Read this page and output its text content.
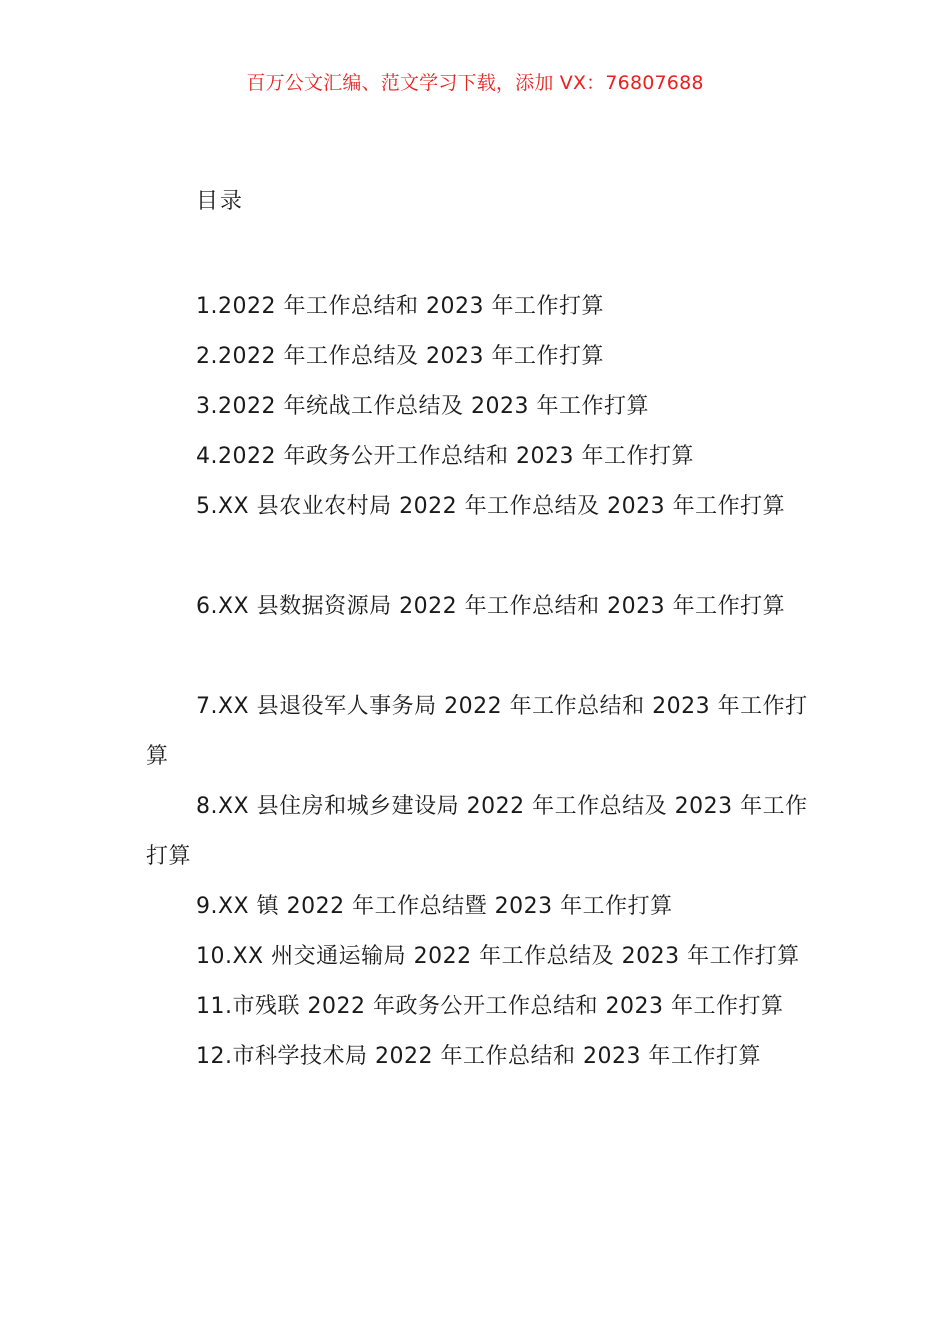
百万公文汇编、范文学习下载，添加 VX：76807688
目录
1.2022 年工作总结和 2023 年工作打算
2.2022 年工作总结及 2023 年工作打算
3.2022 年统战工作总结及 2023 年工作打算
4.2022 年政务公开工作总结和 2023 年工作打算
5.XX 县农业农村局 2022 年工作总结及 2023 年工作打算
6.XX 县数据资源局 2022 年工作总结和 2023 年工作打算
7.XX 县退役军人事务局 2022 年工作总结和 2023 年工作打算
8.XX 县住房和城乡建设局 2022 年工作总结及 2023 年工作打算
9.XX 镇 2022 年工作总结暨 2023 年工作打算
10.XX 州交通运输局 2022 年工作总结及 2023 年工作打算
11.市残联 2022 年政务公开工作总结和 2023 年工作打算
12.市科学技术局 2022 年工作总结和 2023 年工作打算
